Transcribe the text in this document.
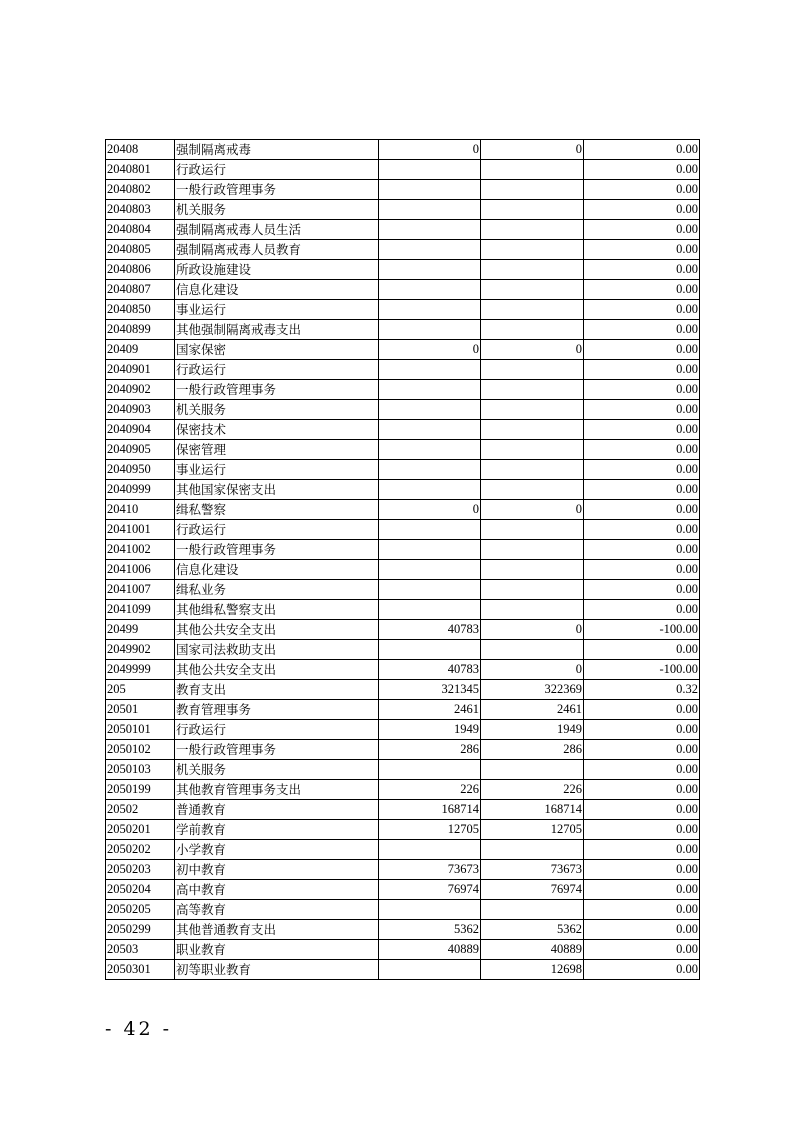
20408	强制隔离戒毒	0	0	0.00
2040801	行政运行			0.00
2040802	一般行政管理事务			0.00
2040803	机关服务			0.00
2040804	强制隔离戒毒人员生活			0.00
2040805	强制隔离戒毒人员教育			0.00
2040806	所政设施建设			0.00
2040807	信息化建设			0.00
2040850	事业运行			0.00
2040899	其他强制隔离戒毒支出			0.00
20409	国家保密	0	0	0.00
2040901	行政运行			0.00
2040902	一般行政管理事务			0.00
2040903	机关服务			0.00
2040904	保密技术			0.00
2040905	保密管理			0.00
2040950	事业运行			0.00
2040999	其他国家保密支出			0.00
20410	缉私警察	0	0	0.00
2041001	行政运行			0.00
2041002	一般行政管理事务			0.00
2041006	信息化建设			0.00
2041007	缉私业务			0.00
2041099	其他缉私警察支出			0.00
20499	其他公共安全支出	40783	0	-100.00
2049902	国家司法救助支出			0.00
2049999	其他公共安全支出	40783	0	-100.00
205	教育支出	321345	322369	0.32
20501	教育管理事务	2461	2461	0.00
2050101	行政运行	1949	1949	0.00
2050102	一般行政管理事务	286	286	0.00
2050103	机关服务			0.00
2050199	其他教育管理事务支出	226	226	0.00
20502	普通教育	168714	168714	0.00
2050201	学前教育	12705	12705	0.00
2050202	小学教育			0.00
2050203	初中教育	73673	73673	0.00
2050204	高中教育	76974	76974	0.00
2050205	高等教育			0.00
2050299	其他普通教育支出	5362	5362	0.00
20503	职业教育	40889	40889	0.00
2050301	初等职业教育		12698	0.00
- 42 -
